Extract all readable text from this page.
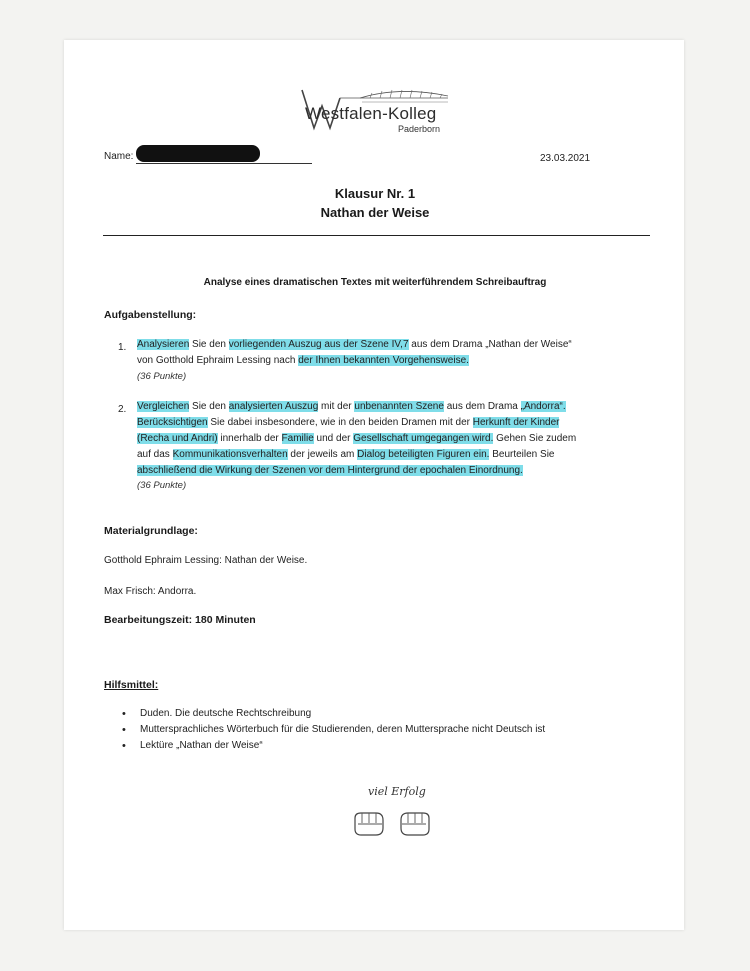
Westfalen-Kolleg
Paderborn
Name:	23.03.2021
Klausur Nr. 1
Nathan der Weise
Analyse eines dramatischen Textes mit weiterführendem Schreibauftrag
Aufgabenstellung:
1. Analysieren Sie den vorliegenden Auszug aus der Szene IV,7 aus dem Drama „Nathan der Weise“
von Gotthold Ephraim Lessing nach der Ihnen bekannten Vorgehensweise.
(36 Punkte)
2. Vergleichen Sie den analysierten Auszug mit der unbenannten Szene aus dem Drama „Andorra“.
Berücksichtigen Sie dabei insbesondere, wie in den beiden Dramen mit der Herkunft der Kinder
(Recha und Andri) innerhalb der Familie und der Gesellschaft umgegangen wird. Gehen Sie zudem
auf das Kommunikationsverhalten der jeweils am Dialog beteiligten Figuren ein. Beurteilen Sie
abschließend die Wirkung der Szenen vor dem Hintergrund der epochalen Einordnung.
(36 Punkte)
Materialgrundlage:
Gotthold Ephraim Lessing: Nathan der Weise.
Max Frisch: Andorra.
Bearbeitungszeit: 180 Minuten
Hilfsmittel:
• Duden. Die deutsche Rechtschreibung
• Muttersprachliches Wörterbuch für die Studierenden, deren Muttersprache nicht Deutsch ist
• Lektüre „Nathan der Weise“
viel Erfolg
